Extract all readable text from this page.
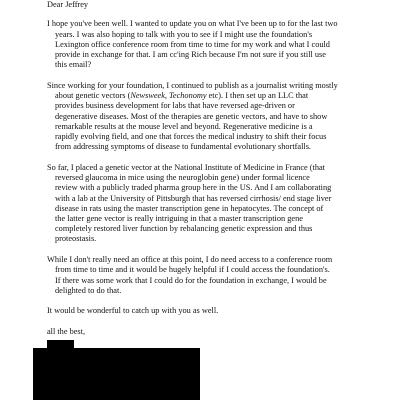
Dear Jeffrey
I hope you've been well. I wanted to update you on what I've been up to for the last two
years. I was also hoping to talk with you to see if I might use the foundation's
Lexington office conference room from time to time for my work and what I could
provide in exchange for that. I am cc'ing Rich because I'm not sure if you still use
this email?
Since working for your foundation, I continued to publish as a journalist writing mostly
about genetic vectors (Newsweek, Techonomy etc). I then set up an LLC that
provides business development for labs that have reversed age-driven or
degenerative diseases. Most of the therapies are genetic vectors, and have to show
remarkable results at the mouse level and beyond. Regenerative medicine is a
rapidly evolving field, and one that forces the medical industry to shift their focus
from addressing symptoms of disease to fundamental evolutionary shortfalls.
So far, I placed a genetic vector at the National Institute of Medicine in France (that
reversed glaucoma in mice using the neuroglobin gene) under formal licence
review with a publicly traded pharma group here in the US. And I am collaborating
with a lab at the University of Pittsburgh that has reversed cirrhosis/ end stage liver
disease in rats using the master transcription gene in hepatocytes. The concept of
the latter gene vector is really intriguing in that a master transcription gene
completely restored liver function by rebalancing genetic expression and thus
proteostasis.
While I don't really need an office at this point, I do need access to a conference room
from time to time and it would be hugely helpful if I could access the foundation's.
If there was some work that I could do for the foundation in exchange, I would be
delighted to do that.
It would be wonderful to catch up with you as well.
all the best,
